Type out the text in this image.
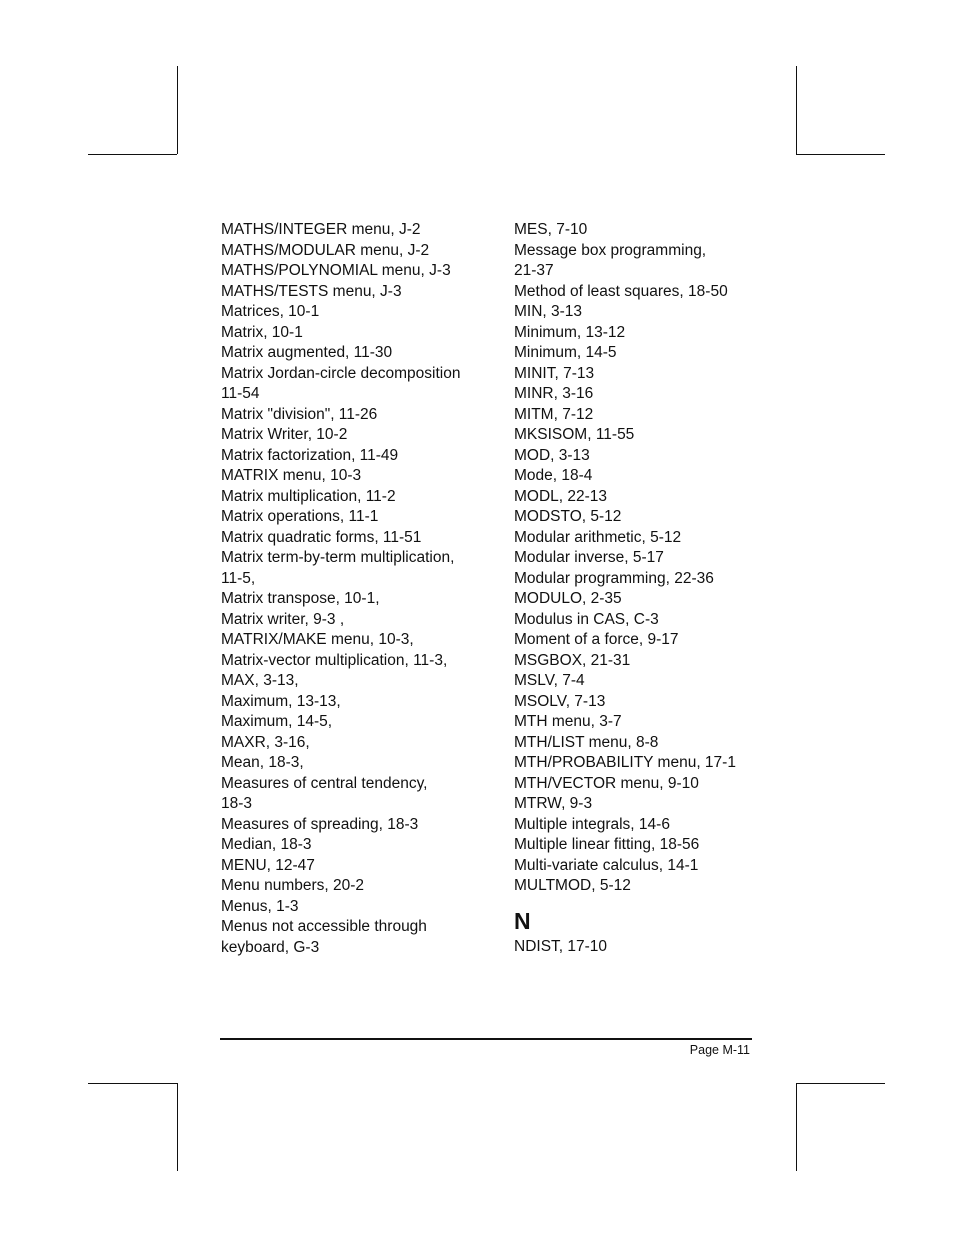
MATHS/INTEGER menu, J-2
MATHS/MODULAR menu, J-2
MATHS/POLYNOMIAL menu, J-3
MATHS/TESTS menu, J-3
Matrices, 10-1
Matrix, 10-1
Matrix augmented, 11-30
Matrix Jordan-circle decomposition
11-54
Matrix "division", 11-26
Matrix Writer, 10-2
Matrix factorization, 11-49
MATRIX menu, 10-3
Matrix multiplication, 11-2
Matrix operations, 11-1
Matrix quadratic forms, 11-51
Matrix term-by-term multiplication,
11-5,
Matrix transpose, 10-1,
Matrix writer, 9-3 ,
MATRIX/MAKE menu, 10-3,
Matrix-vector multiplication, 11-3,
MAX, 3-13,
Maximum, 13-13,
Maximum, 14-5,
MAXR, 3-16,
Mean, 18-3,
Measures of central tendency,
18-3
Measures of spreading, 18-3
Median, 18-3
MENU, 12-47
Menu numbers, 20-2
Menus, 1-3
Menus not accessible through
keyboard, G-3
MES, 7-10
Message box programming,
21-37
Method of least squares, 18-50
MIN, 3-13
Minimum, 13-12
Minimum, 14-5
MINIT, 7-13
MINR, 3-16
MITM, 7-12
MKSISOM, 11-55
MOD, 3-13
Mode, 18-4
MODL, 22-13
MODSTO, 5-12
Modular arithmetic, 5-12
Modular inverse, 5-17
Modular programming, 22-36
MODULO, 2-35
Modulus in CAS, C-3
Moment of a force, 9-17
MSGBOX, 21-31
MSLV, 7-4
MSOLV, 7-13
MTH menu, 3-7
MTH/LIST menu, 8-8
MTH/PROBABILITY menu, 17-1
MTH/VECTOR menu, 9-10
MTRW, 9-3
Multiple integrals, 14-6
Multiple linear fitting, 18-56
Multi-variate calculus, 14-1
MULTMOD, 5-12
N
NDIST, 17-10
Page M-11
